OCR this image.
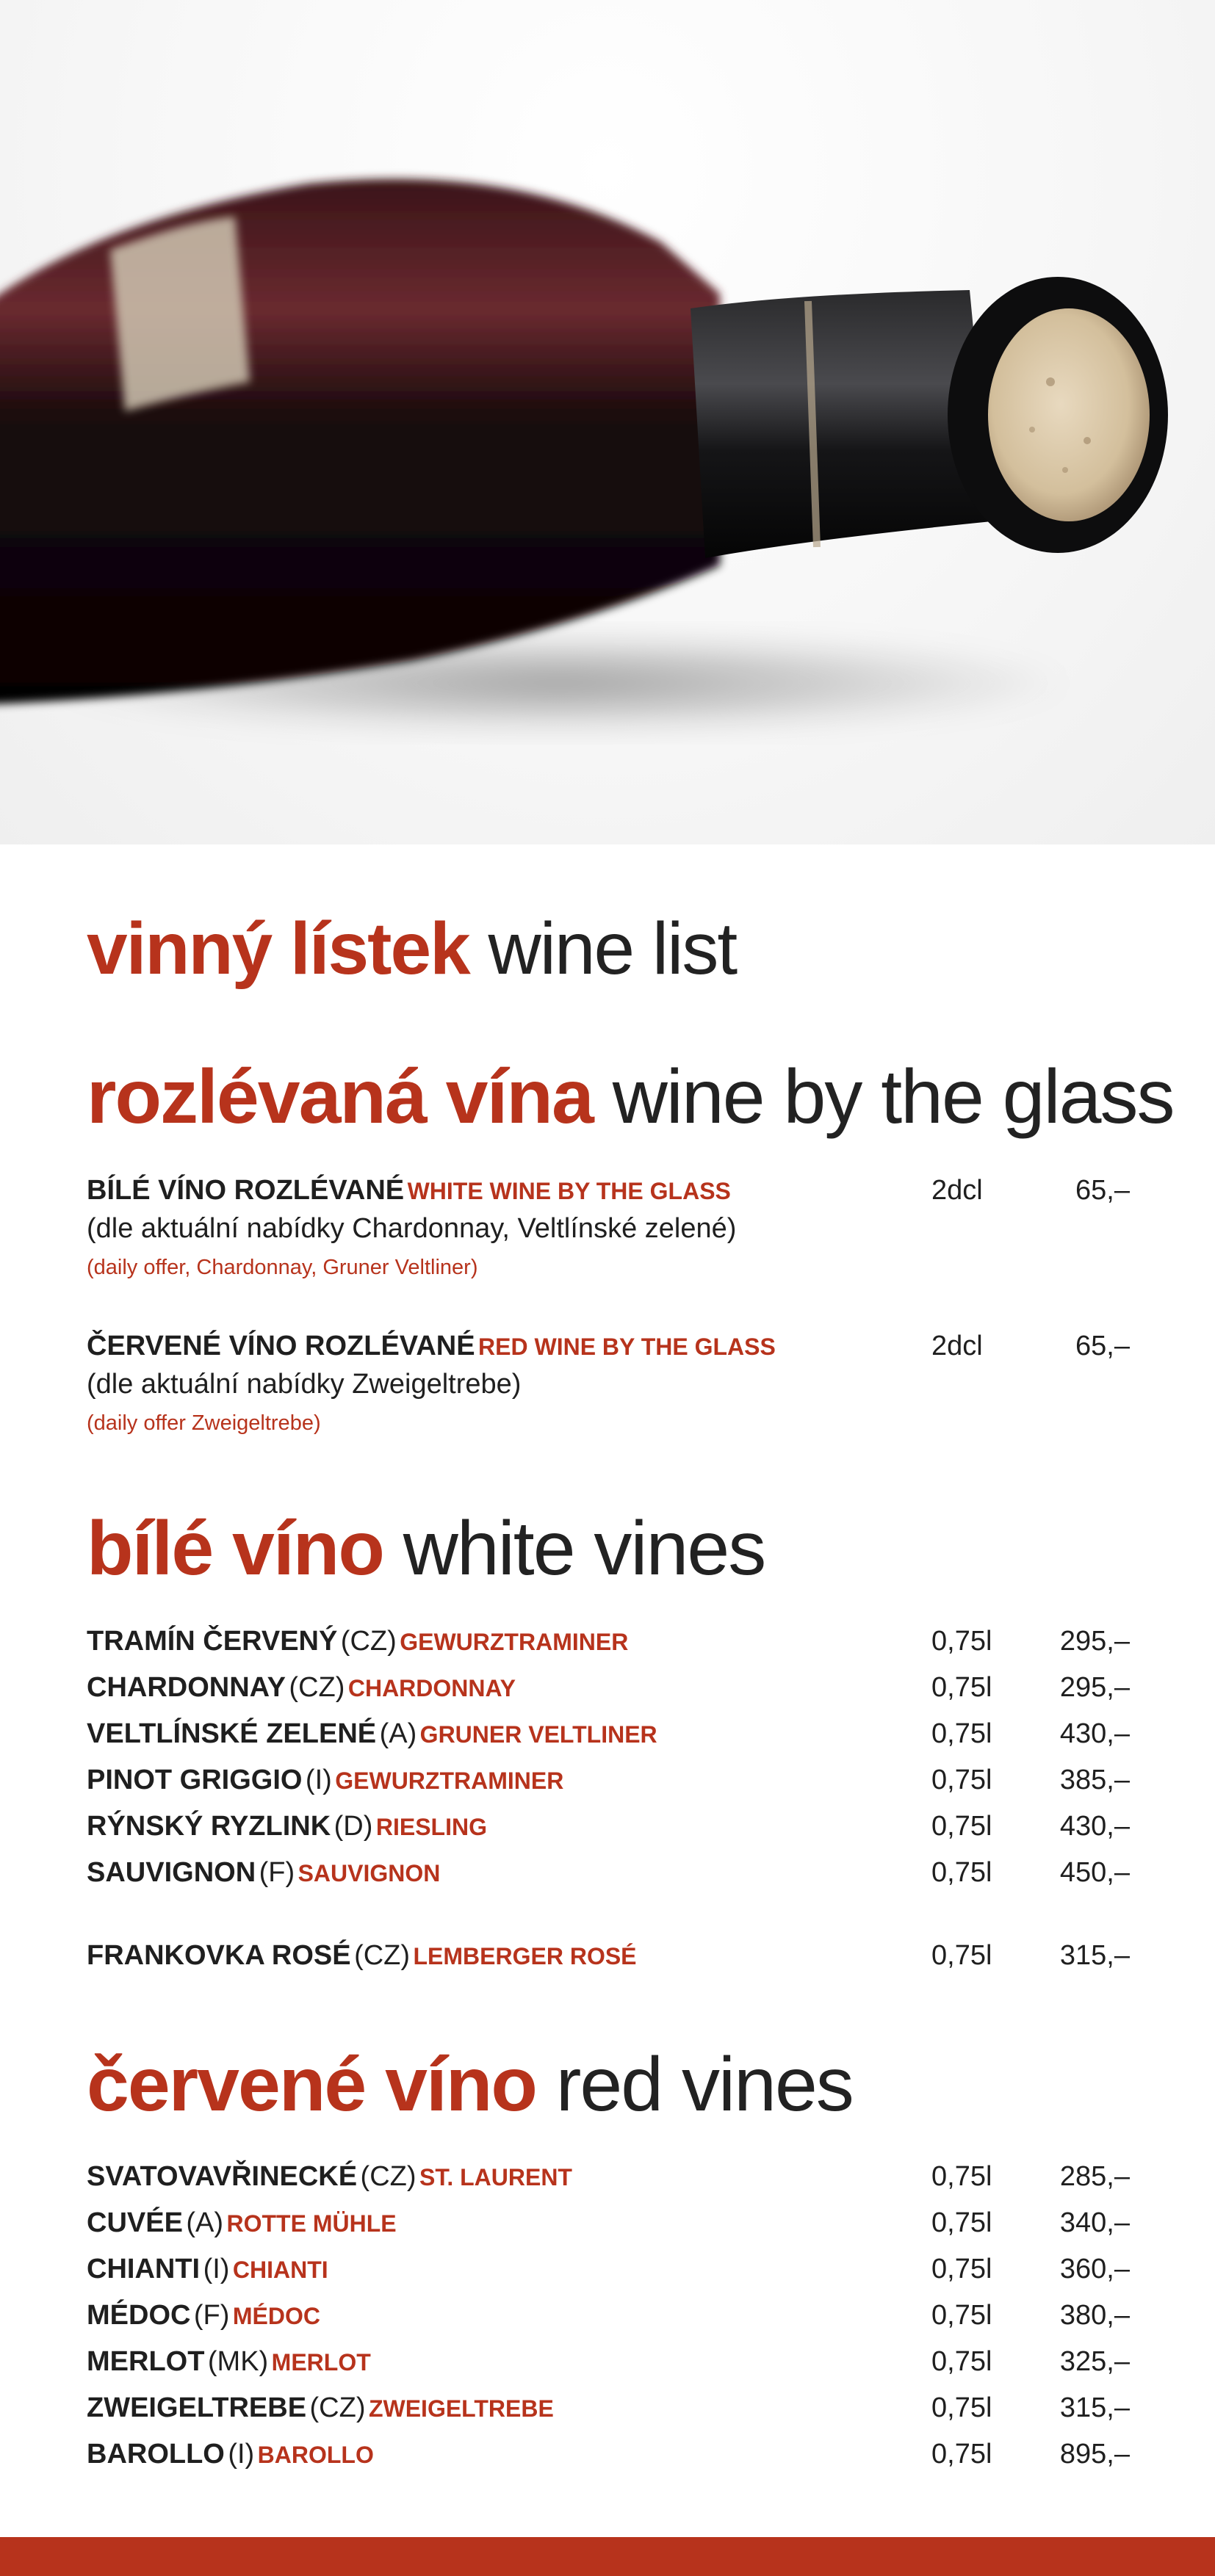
vinný lístek wine list
rozlévaná vína wine by the glass
BÍLÉ VÍNO ROZLÉVANÉ WHITE WINE BY THE GLASS	2dcl	65,–
(dle aktuální nabídky Chardonnay, Veltlínské zelené)
(daily offer, Chardonnay, Gruner Veltliner)
ČERVENÉ VÍNO ROZLÉVANÉ RED WINE BY THE GLASS	2dcl	65,–
(dle aktuální nabídky Zweigeltrebe)
(daily offer Zweigeltrebe)
bílé víno white vines
TRAMÍN ČERVENÝ (CZ) GEWURZTRAMINER	0,75l 295,–
CHARDONNAY (CZ) CHARDONNAY	0,75l 295,–
VELTLÍNSKÉ ZELENÉ (A) GRUNER VELTLINER	0,75l 430,–
PINOT GRIGGIO (I) GEWURZTRAMINER	0,75l 385,–
RÝNSKÝ RYZLINK (D) RIESLING	0,75l 430,–
SAUVIGNON (F) SAUVIGNON	0,75l 450,–
FRANKOVKA ROSÉ (CZ) LEMBERGER ROSÉ	0,75l 315,–
červené víno red vines
SVATOVAVŘINECKÉ (CZ) ST. LAURENT	0,75l 285,–
CUVÉE (A) ROTTE MÜHLE	0,75l 340,–
CHIANTI (I) CHIANTI	0,75l 360,–
MÉDOC (F) MÉDOC	0,75l 380,–
MERLOT (MK) MERLOT	0,75l 325,–
ZWEIGELTREBE (CZ) ZWEIGELTREBE	0,75l 315,–
BAROLLO (I) BAROLLO	0,75l 895,–
